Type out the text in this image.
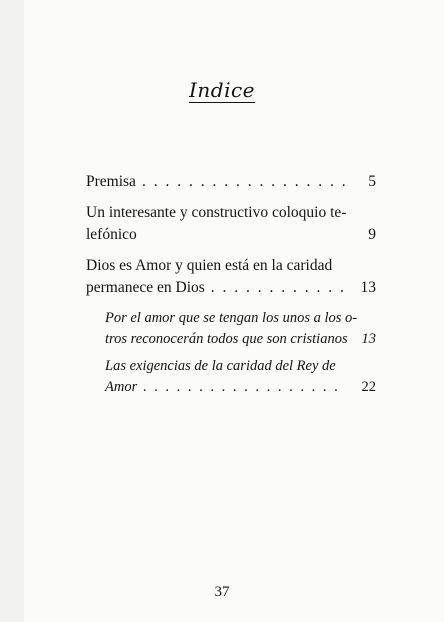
Indice
Premisa . . .	5
Un interesante y constructivo coloquio te-
lefónico	9
Dios es Amor y quien está en la caridad
permanece en Dios . . .	13
Por el amor que se tengan los unos a los o-
tros reconocerán todos que son cristianos 13
Las exigencias de la caridad del Rey de
Amor . . .	22
37
